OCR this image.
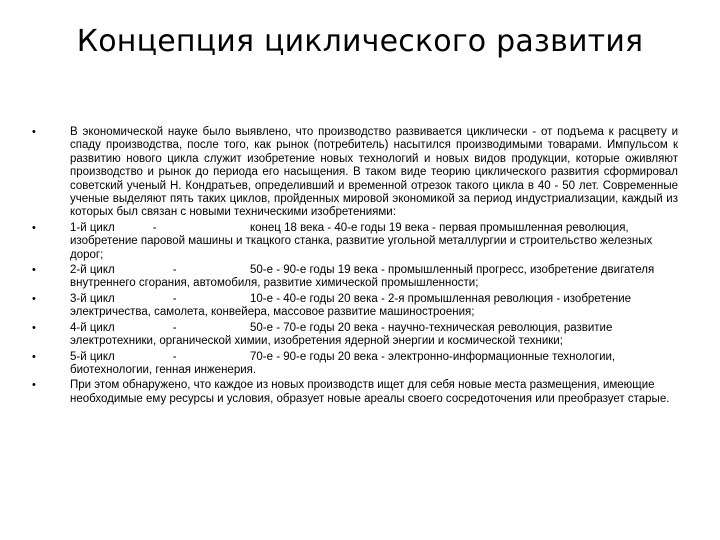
Концепция циклического развития
•	В экономической науке было выявлено, что производство развивается циклически - от подъема к расцвету и спаду производства, после того, как рынок (потребитель) насытился производимыми товарами. Импульсом к развитию нового цикла служит изобретение новых технологий и новых видов продукции, которые оживляют производство и рынок до периода его насыщения. В таком виде теорию циклического развития сформировал советский ученый Н. Кондратьев, определивший и временной отрезок такого цикла в 40 - 50 лет. Современные ученые выделяют пять таких циклов, пройденных мировой экономикой за период индустриализации, каждый из которых был связан с новыми техническими изобретениями:
•	1-й цикл	-	конец 18 века - 40-е годы 19 века - первая промышленная революция, изобретение паровой машины и ткацкого станка, развитие угольной металлургии и строительство железных дорог;
•	2-й цикл	-	50-е - 90-е годы 19 века - промышленный прогресс, изобретение двигателя внутреннего сгорания, автомобиля, развитие химической промышленности;
•	3-й цикл	-	10-е - 40-е годы 20 века - 2-я промышленная революция - изобретение электричества, самолета, конвейера, массовое развитие машиностроения;
•	4-й цикл	-	50-е - 70-е годы 20 века - научно-техническая революция, развитие электротехники, органической химии, изобретения ядерной энергии и космической техники;
•	5-й цикл	-	70-е - 90-е годы 20 века - электронно-информационные технологии, биотехнологии, генная инженерия.
•	При этом обнаружено, что каждое из новых производств ищет для себя новые места размещения, имеющие необходимые ему ресурсы и условия, образует новые ареалы своего сосредоточения или преобразует старые.
